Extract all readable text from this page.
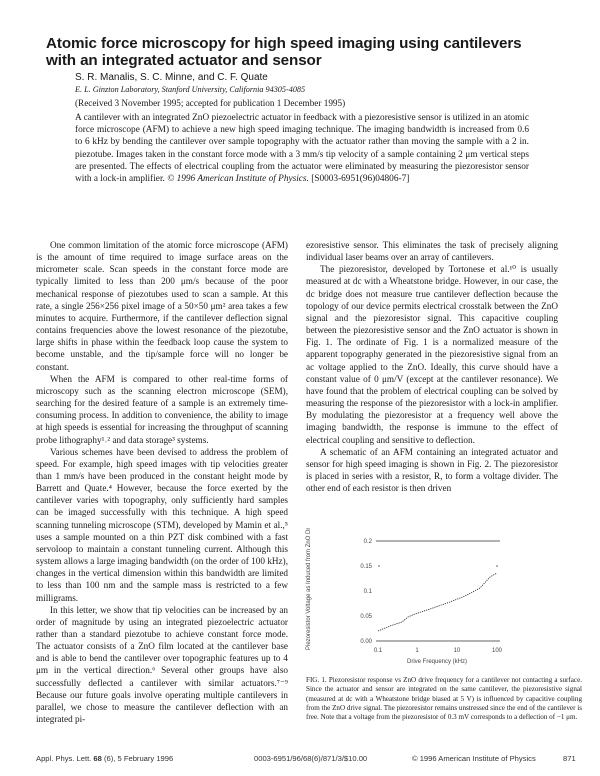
Atomic force microscopy for high speed imaging using cantilevers
with an integrated actuator and sensor
S. R. Manalis, S. C. Minne, and C. F. Quate
E. L. Ginzton Laboratory, Stanford University, California 94305-4085
(Received 3 November 1995; accepted for publication 1 December 1995)
A cantilever with an integrated ZnO piezoelectric actuator in feedback with a piezoresistive sensor is utilized in an atomic force microscope (AFM) to achieve a new high speed imaging technique. The imaging bandwidth is increased from 0.6 to 6 kHz by bending the cantilever over sample topography with the actuator rather than moving the sample with a 2 in. piezotube. Images taken in the constant force mode with a 3 mm/s tip velocity of a sample containing 2 μm vertical steps are presented. The effects of electrical coupling from the actuator were eliminated by measuring the piezoresistor sensor with a lock-in amplifier. © 1996 American Institute of Physics. [S0003-6951(96)04806-7]

One common limitation of the atomic force microscope (AFM) is the amount of time required to image surface areas on the micrometer scale. Scan speeds in the constant force mode are typically limited to less than 200 μm/s because of the poor mechanical response of piezotubes used to scan a sample. At this rate, a single 256×256 pixel image of a 50×50 μm² area takes a few minutes to acquire. Furthermore, if the cantilever deflection signal contains frequencies above the lowest resonance of the piezotube, large shifts in phase within the feedback loop cause the system to become unstable, and the tip/sample force will no longer be constant.

When the AFM is compared to other real-time forms of microscopy such as the scanning electron microscope (SEM), searching for the desired feature of a sample is an extremely time-consuming process. In addition to convenience, the ability to image at high speeds is essential for increasing the throughput of scanning probe lithography¹˒² and data storage³ systems.

Various schemes have been devised to address the problem of speed. For example, high speed images with tip velocities greater than 1 mm/s have been produced in the constant height mode by Barrett and Quate.⁴ However, because the force exerted by the cantilever varies with topography, only sufficiently hard samples can be imaged successfully with this technique. A high speed scanning tunneling microscope (STM), developed by Mamin et al.,⁵ uses a sample mounted on a thin PZT disk combined with a fast servoloop to maintain a constant tunneling current. Although this system allows a large imaging bandwidth (on the order of 100 kHz), changes in the vertical dimension within this bandwidth are limited to less than 100 nm and the sample mass is restricted to a few milligrams.

In this letter, we show that tip velocities can be increased by an order of magnitude by using an integrated piezoelectric actuator rather than a standard piezotube to achieve constant force mode. The actuator consists of a ZnO film located at the cantilever base and is able to bend the cantilever over topographic features up to 4 μm in the vertical direction.⁶ Several other groups have also successfully deflected a cantilever with similar actuators.⁷⁻⁹ Because our future goals involve operating multiple cantilevers in parallel, we chose to measure the cantilever deflection with an integrated pi-

ezoresistive sensor. This eliminates the task of precisely aligning individual laser beams over an array of cantilevers.

The piezoresistor, developed by Tortonese et al.¹⁰ is usually measured at dc with a Wheatstone bridge. However, in our case, the dc bridge does not measure true cantilever deflection because the topology of our device permits electrical crosstalk between the ZnO signal and the piezoresistor signal. This capacitive coupling between the piezoresistive sensor and the ZnO actuator is shown in Fig. 1. The ordinate of Fig. 1 is a normalized measure of the apparent topography generated in the piezoresistive signal from an ac voltage applied to the ZnO. Ideally, this curve should have a constant value of 0 μm/V (except at the cantilever resonance). We have found that the problem of electrical coupling can be solved by measuring the response of the piezoresistor with a lock-in amplifier. By modulating the piezoresistor at a frequency well above the imaging bandwidth, the response is immune to the effect of electrical coupling and sensitive to deflection.

A schematic of an AFM containing an integrated actuator and sensor for high speed imaging is shown in Fig. 2. The piezoresistor is placed in series with a resistor, R, to form a voltage divider. The other end of each resistor is then driven

Piezoresistor Voltage as Induced from ZnO Drive (mV/V)	0.2
0.15
0.1
0.05
0.00
0.1	1	10	100
Drive Frequency (kHz)
FIG. 1. Piezoresistor response vs ZnO drive frequency for a cantilever not contacting a surface. Since the actuator and sensor are integrated on the same cantilever, the piezoresistive signal (measured at dc with a Wheatstone bridge biased at 5 V) is influenced by capacitive coupling from the ZnO drive signal. The piezoresistor remains unstressed since the end of the cantilever is free. Note that a voltage from the piezoresistor of 0.3 mV corresponds to a deflection of −1 μm.
Appl. Phys. Lett. 68 (6), 5 February 1996	0003-6951/96/68(6)/871/3/$10.00	© 1996 American Institute of Physics	871
